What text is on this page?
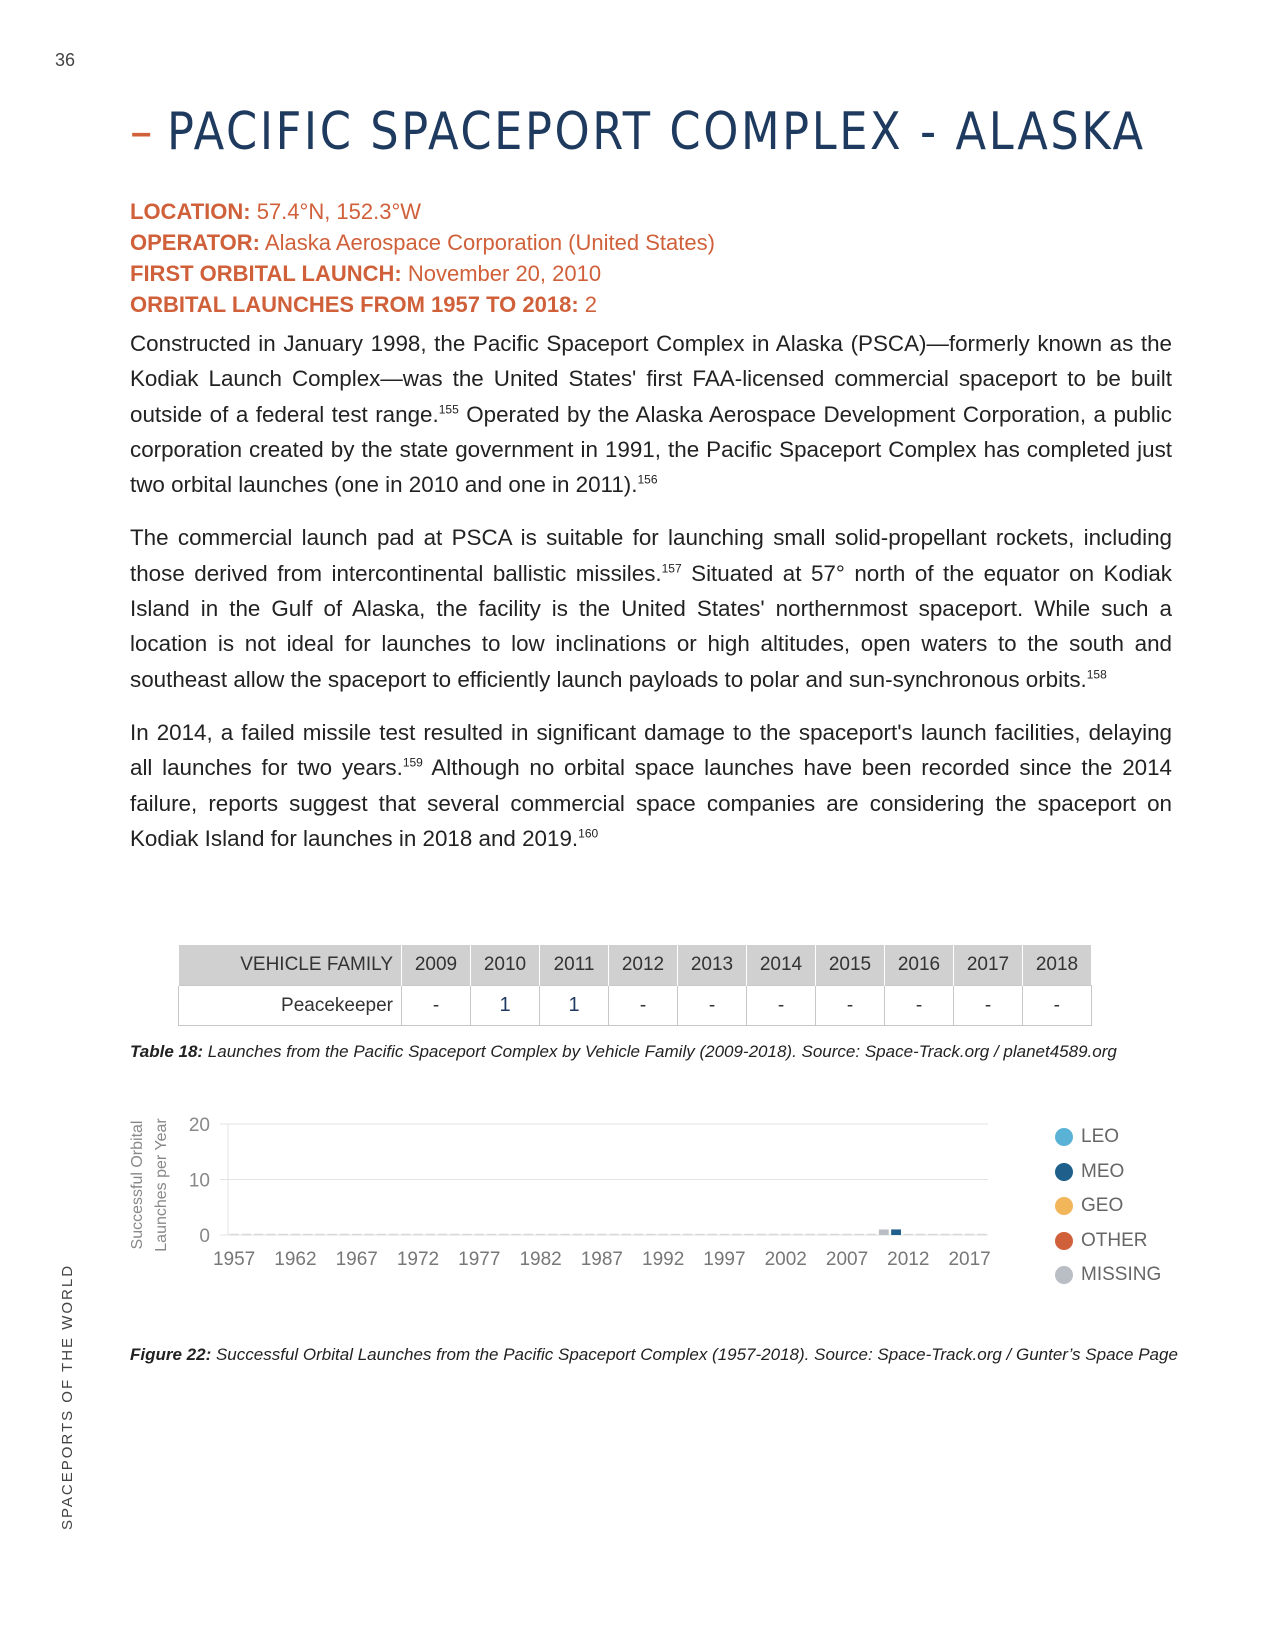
36
SPACEPORTS OF THE WORLD
– PACIFIC SPACEPORT COMPLEX - ALASKA
LOCATION: 57.4°N, 152.3°W
OPERATOR: Alaska Aerospace Corporation (United States)
FIRST ORBITAL LAUNCH: November 20, 2010
ORBITAL LAUNCHES FROM 1957 TO 2018: 2

Constructed in January 1998, the Pacific Spaceport Complex in Alaska (PSCA)—formerly known as the Kodiak Launch Complex—was the United States' first FAA-licensed commercial spaceport to be built outside of a federal test range.$^{155}$ Operated by the Alaska Aerospace Development Corporation, a public corporation created by the state government in 1991, the Pacific Spaceport Complex has completed just two orbital launches (one in 2010 and one in 2011).$^{156}$

The commercial launch pad at PSCA is suitable for launching small solid-propellant rockets, including those derived from intercontinental ballistic missiles.$^{157}$ Situated at 57° north of the equator on Kodiak Island in the Gulf of Alaska, the facility is the United States' northernmost spaceport. While such a location is not ideal for launches to low inclinations or high altitudes, open waters to the south and southeast allow the spaceport to efficiently launch payloads to polar and sun-synchronous orbits.$^{158}$

In 2014, a failed missile test resulted in significant damage to the spaceport's launch facilities, delaying all launches for two years.$^{159}$ Although no orbital space launches have been recorded since the 2014 failure, reports suggest that several commercial space companies are considering the spaceport on Kodiak Island for launches in 2018 and 2019.$^{160}$

VEHICLE FAMILY	2009	2010	2011	2012	2013	2014	2015	2016	2017	2018
Peacekeeper	-	1	1	-	-	-	-	-	-	-
Table 18: Launches from the Pacific Spaceport Complex by Vehicle Family (2009-2018). Source: Space-Track.org / planet4589.org
0
10
20
1957 1962 1967 1972 1977 1982 1987 1992 1997 2002 2007 2012 2017
Successful Orbital Launches per Year	LEO
MEO
GEO
OTHER
MISSING
Figure 22: Successful Orbital Launches from the Pacific Spaceport Complex (1957-2018). Source: Space-Track.org / Gunter’s Space Page
